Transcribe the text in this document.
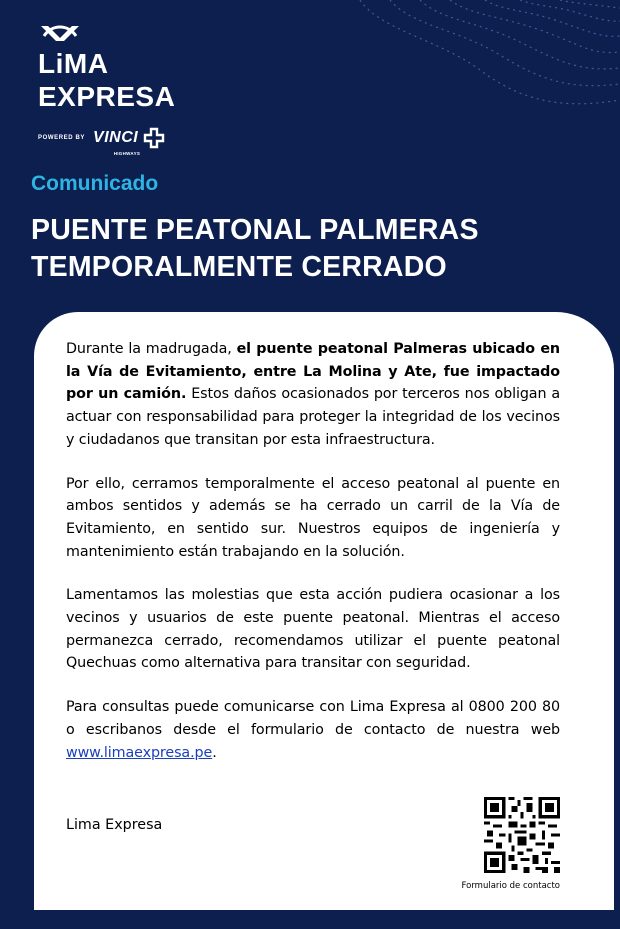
LiMA
EXPRESA
POWERED BY VINCI
HIGHWAYS
Comunicado
PUENTE PEATONAL PALMERAS
TEMPORALMENTE CERRADO

Durante la madrugada, el puente peatonal Palmeras ubicado en la Vía de Evitamiento, entre La Molina y Ate, fue impactado por un camión. Estos daños ocasionados por terceros nos obligan a actuar con responsabilidad para proteger la integridad de los vecinos y ciudadanos que transitan por esta infraestructura.

Por ello, cerramos temporalmente el acceso peatonal al puente en ambos sentidos y además se ha cerrado un carril de la Vía de Evitamiento, en sentido sur. Nuestros equipos de ingeniería y mantenimiento están trabajando en la solución.

Lamentamos las molestias que esta acción pudiera ocasionar a los vecinos y usuarios de este puente peatonal. Mientras el acceso permanezca cerrado, recomendamos utilizar el puente peatonal Quechuas como alternativa para transitar con seguridad.

Para consultas puede comunicarse con Lima Expresa al 0800 200 80 o escribanos desde el formulario de contacto de nuestra web www.limaexpresa.pe.

Lima Expresa
Formulario de contacto
